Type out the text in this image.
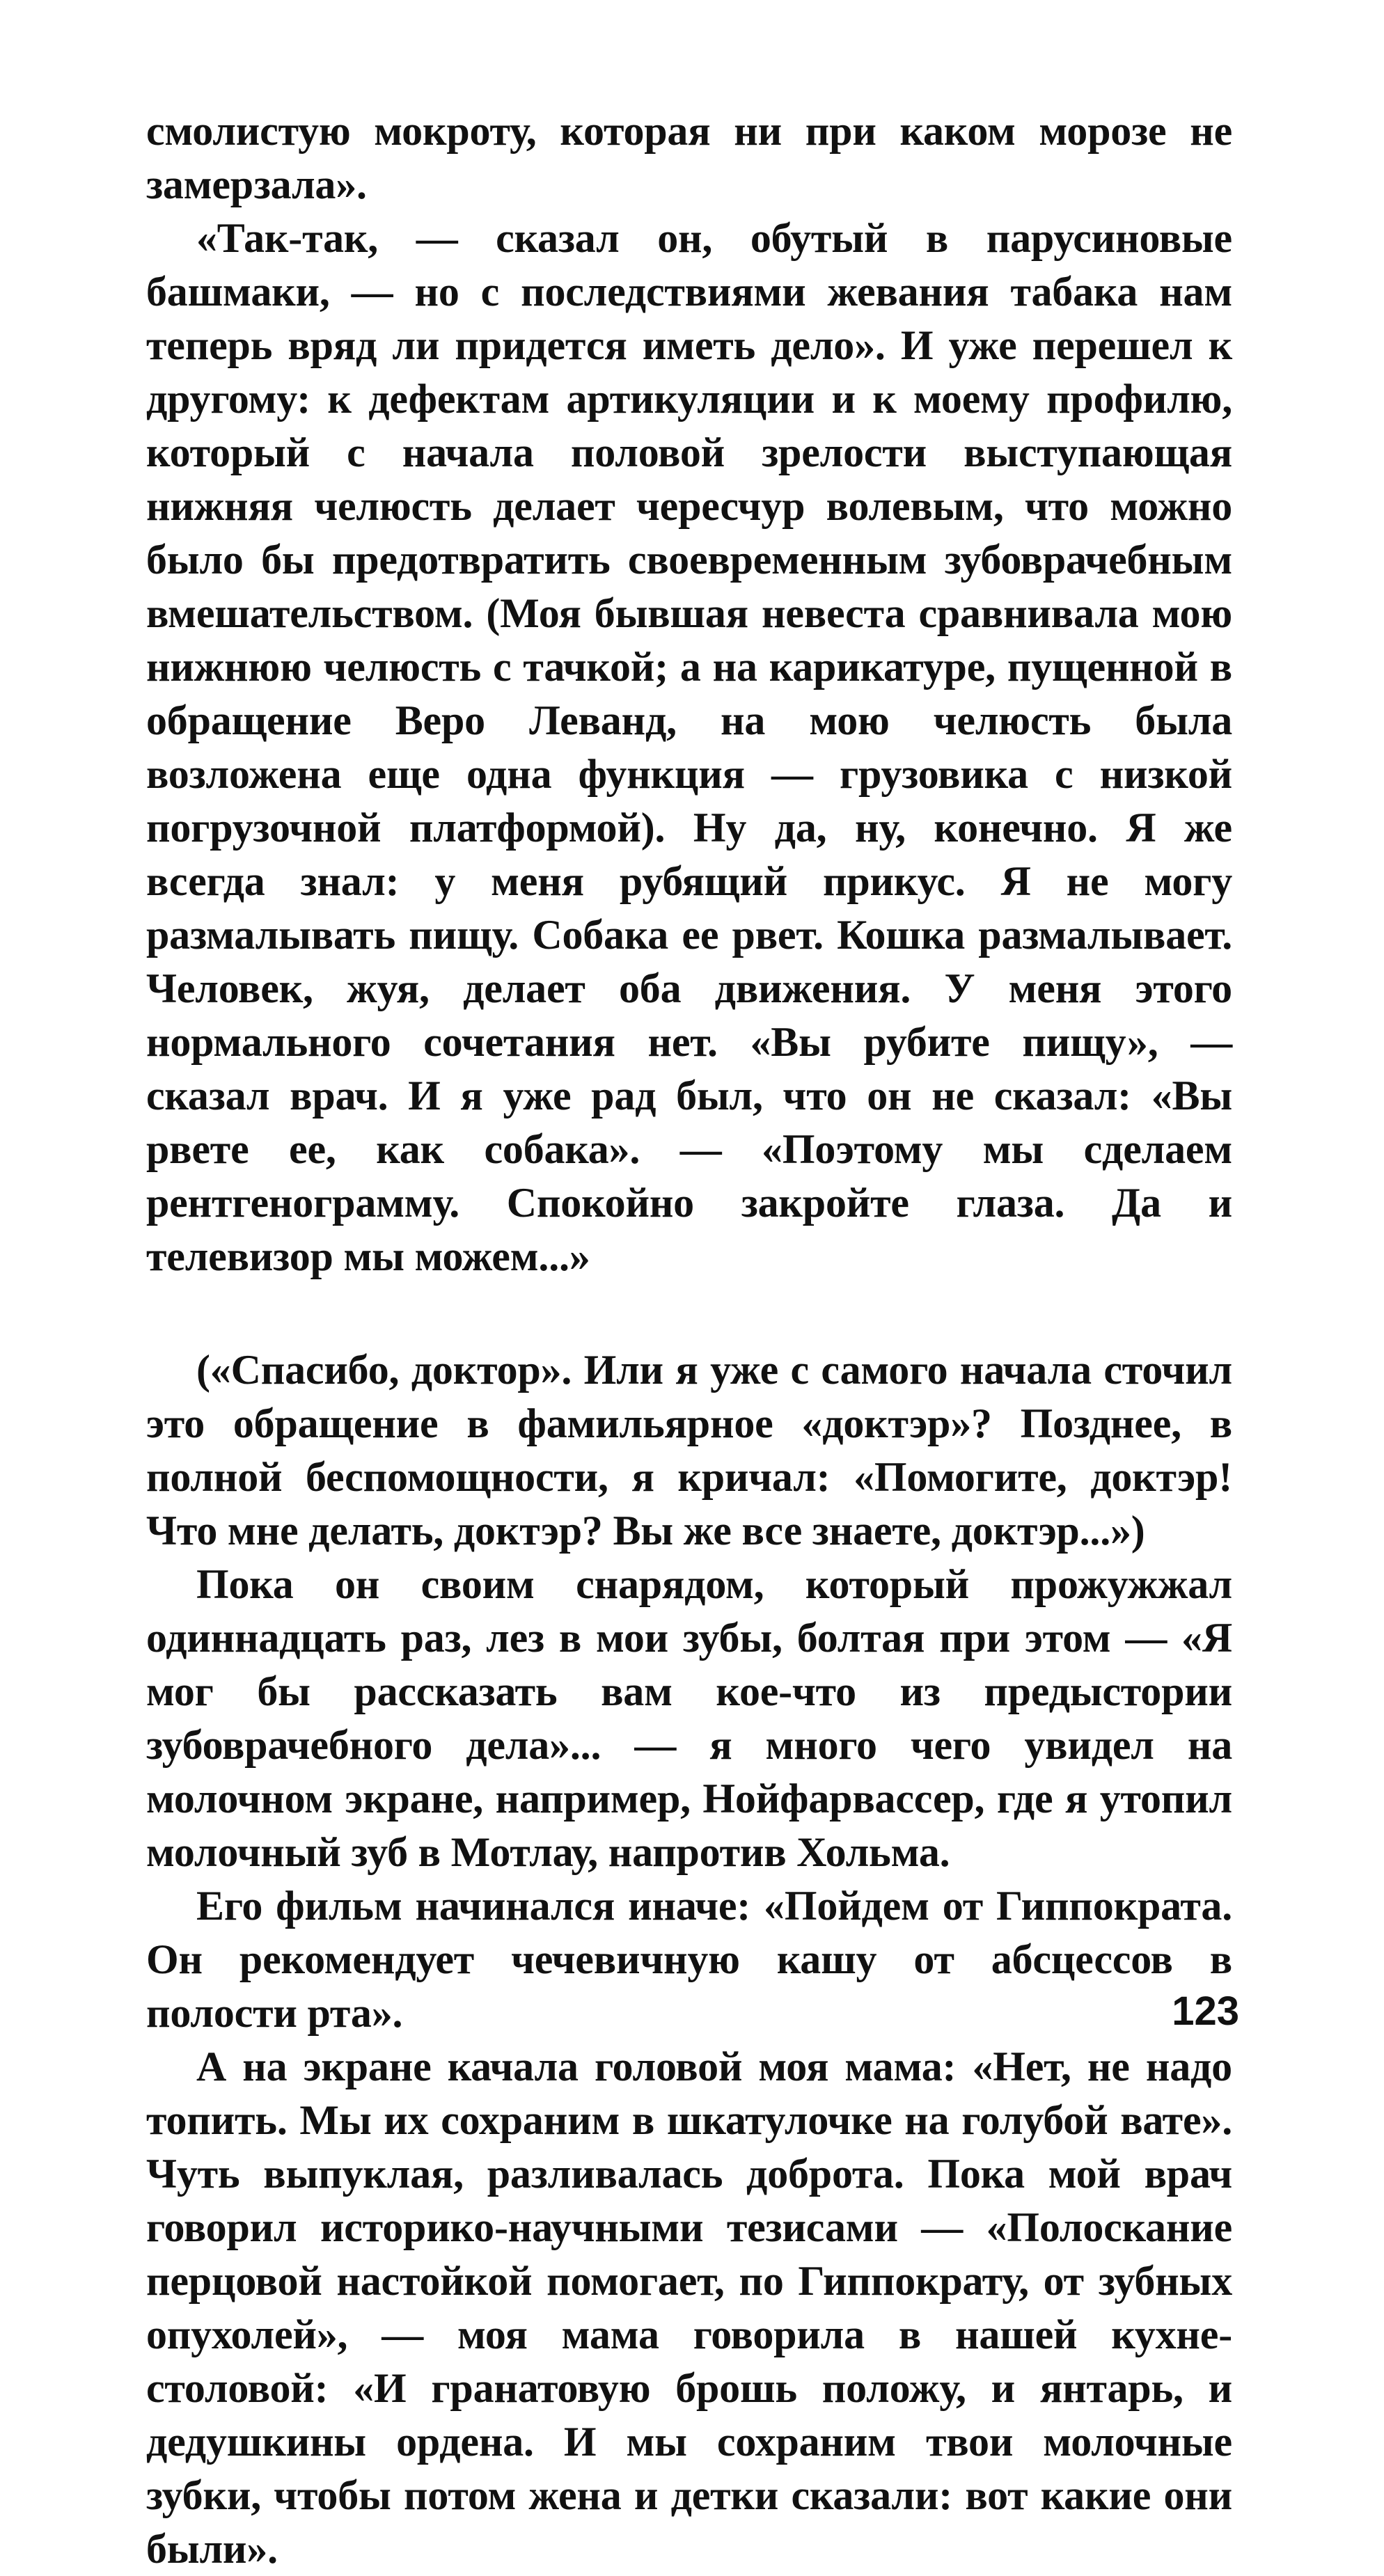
смолистую мокроту, которая ни при каком морозе не замерзала».

«Так-так, — сказал он, обутый в парусиновые башмаки, — но с последствиями жевания табака нам теперь вряд ли придется иметь дело». И уже перешел к другому: к дефектам артикуляции и к моему профилю, который с начала половой зрелости выступающая нижняя челюсть делает чересчур волевым, что можно было бы предотвратить своевременным зубоврачебным вмешательством. (Моя бывшая невеста сравнивала мою нижнюю челюсть с тачкой; а на карикатуре, пущенной в обращение Веро Леванд, на мою челюсть была возложена еще одна функция — грузовика с низкой погрузочной платформой). Ну да, ну, конечно. Я же всегда знал: у меня рубящий прикус. Я не могу размалывать пищу. Собака ее рвет. Кошка размалывает. Человек, жуя, делает оба движения. У меня этого нормального сочетания нет. «Вы рубите пищу», — сказал врач. И я уже рад был, что он не сказал: «Вы рвете ее, как собака». — «Поэтому мы сделаем рентгенограмму. Спокойно закройте глаза. Да и телевизор мы можем...»

(«Спасибо, доктор». Или я уже с самого начала сточил это обращение в фамильярное «доктэр»? Позднее, в полной беспомощности, я кричал: «Помогите, доктэр! Что мне делать, доктэр? Вы же все знаете, доктэр...»)

Пока он своим снарядом, который прожужжал одиннадцать раз, лез в мои зубы, болтая при этом — «Я мог бы рассказать вам кое-что из предыстории зубоврачебного дела»... — я много чего увидел на молочном экране, например, Нойфарвассер, где я утопил молочный зуб в Мотлау, напротив Хольма.

Его фильм начинался иначе: «Пойдем от Гиппократа. Он рекомендует чечевичную кашу от абсцессов в полости рта».

А на экране качала головой моя мама: «Нет, не надо топить. Мы их сохраним в шкатулочке на голубой вате». Чуть выпуклая, разливалась доброта. Пока мой врач говорил историко-научными тезисами — «Полоскание перцовой настойкой помогает, по Гиппократу, от зубных опухолей», — моя мама говорила в нашей кухне-столовой: «И гранатовую брошь положу, и янтарь, и дедушкины ордена. И мы сохраним твои молочные зубки, чтобы потом жена и детки сказали: вот какие они были».

123
